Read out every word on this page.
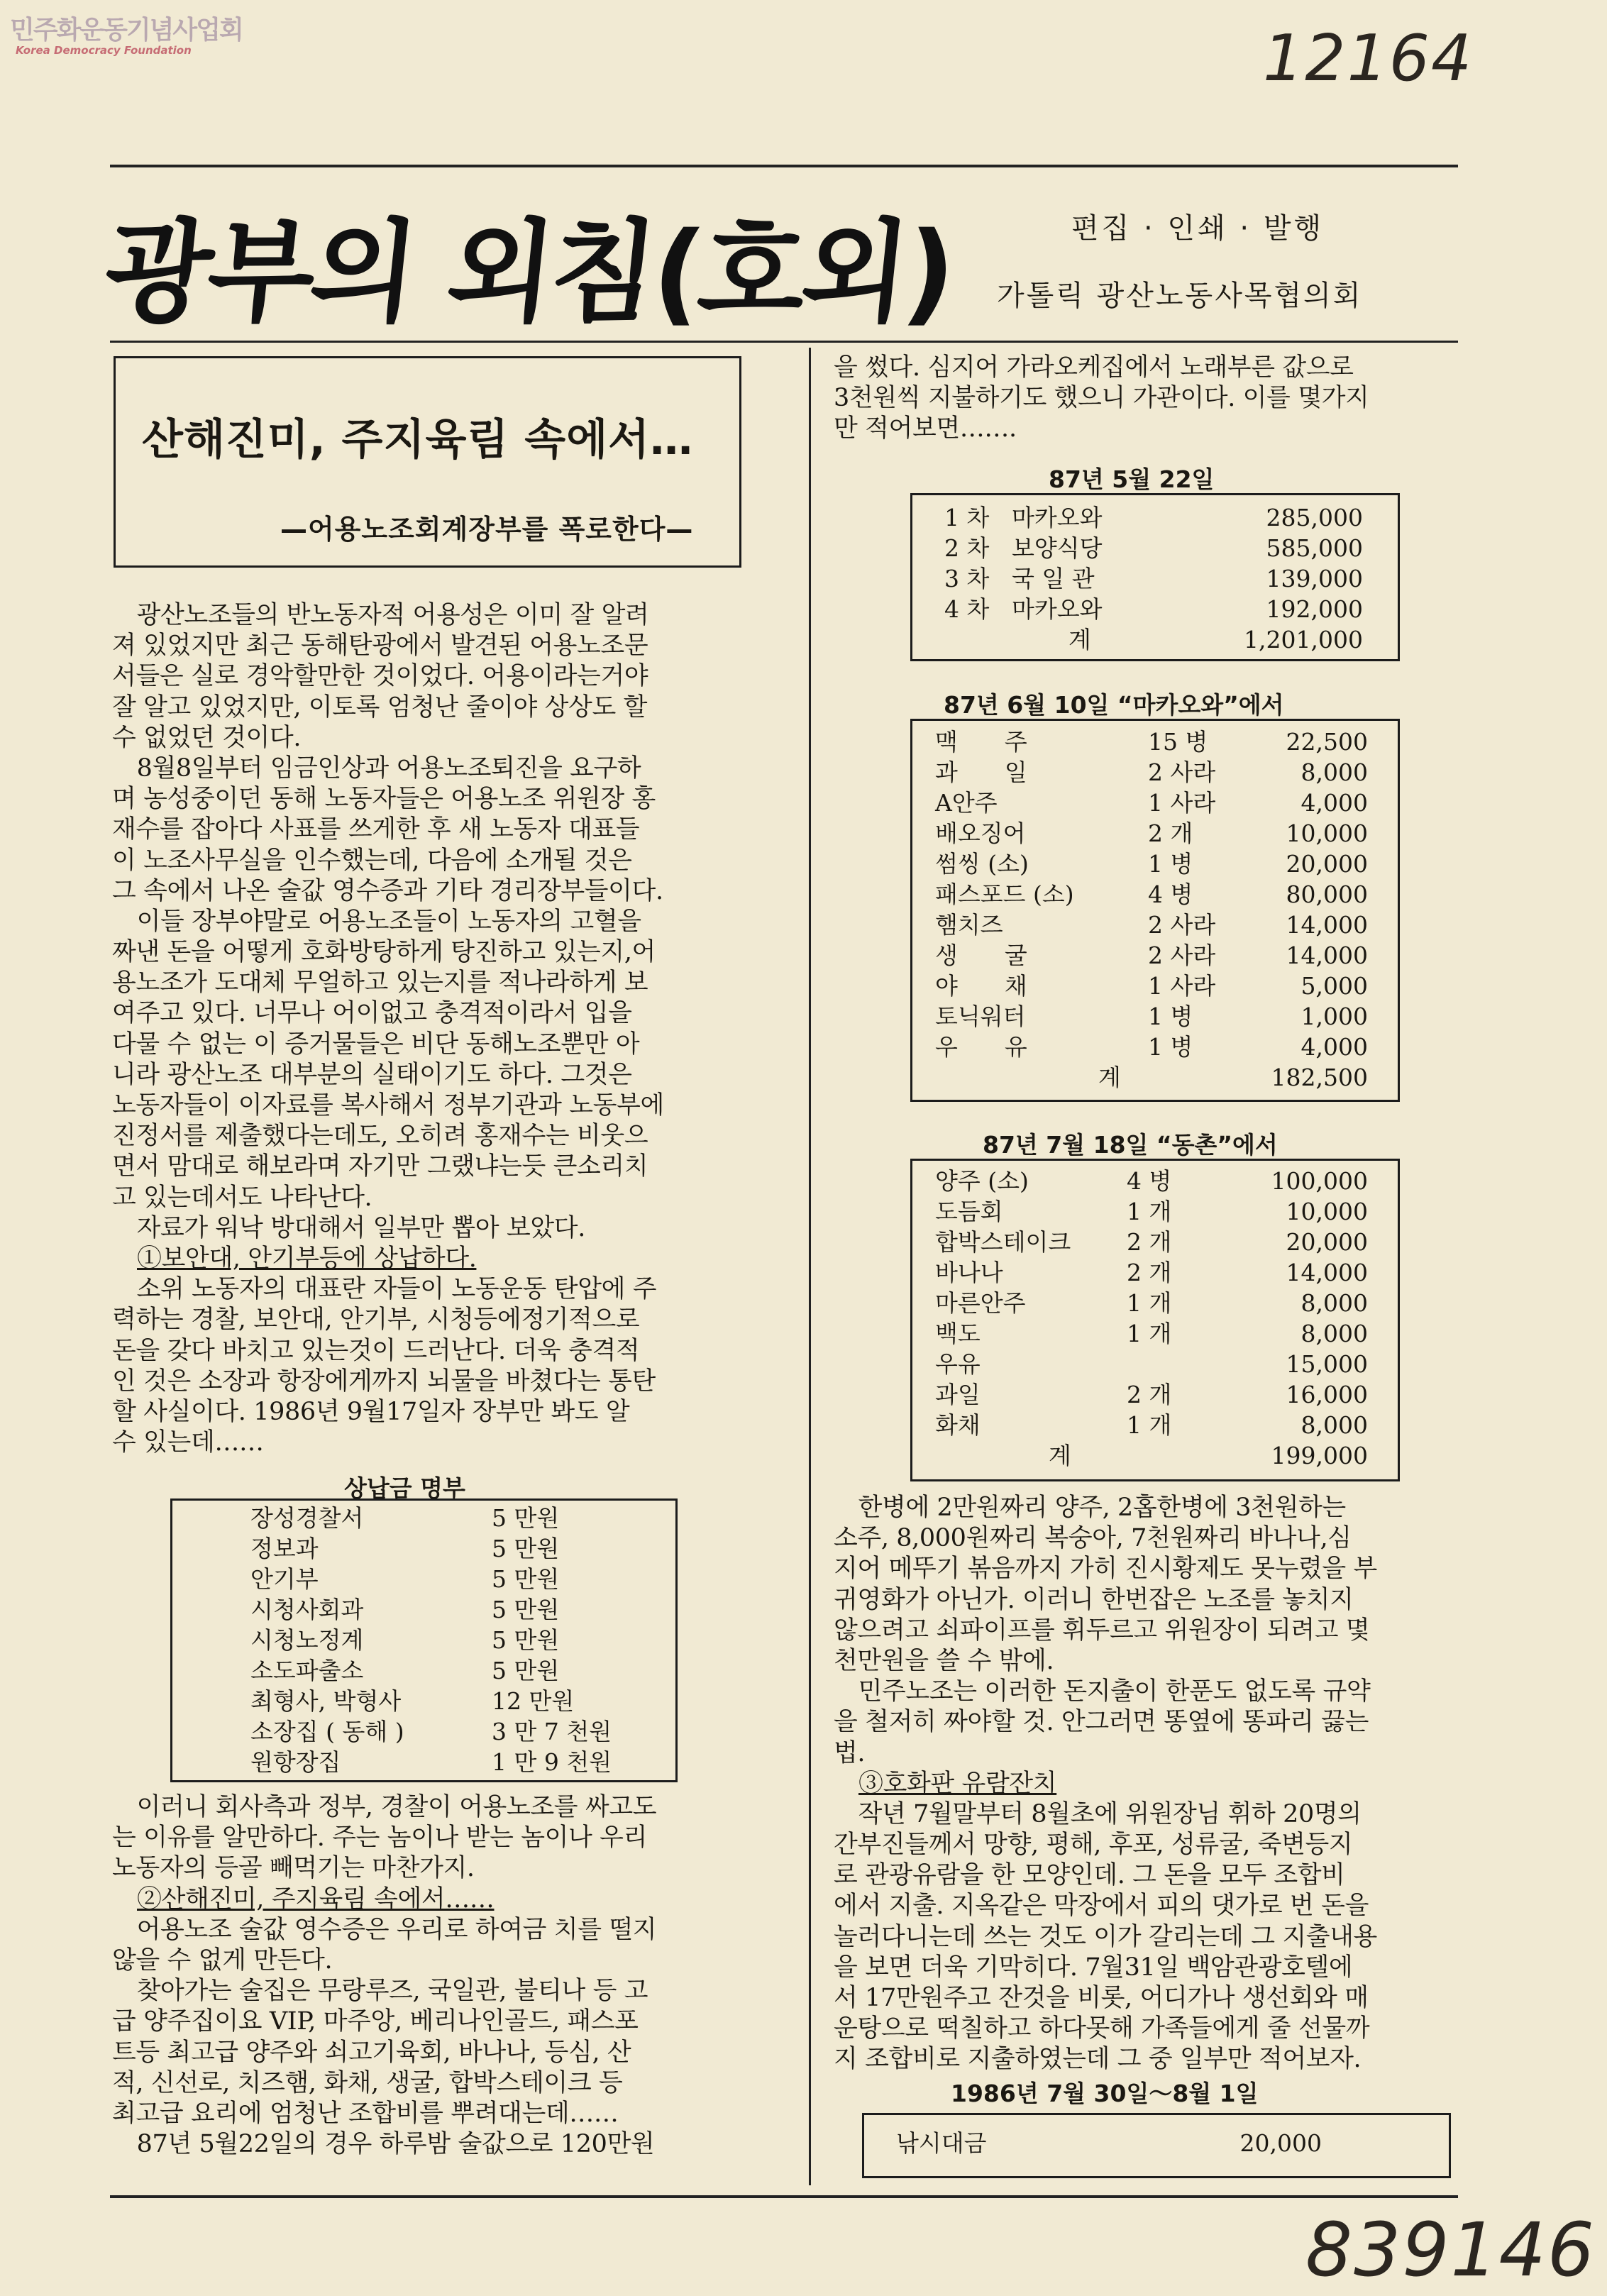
민주화운동기념사업회
Korea Democracy Foundation	12164
839146
광부의 외침(호외)	편집 · 인쇄 · 발행
가톨릭 광산노동사목협의회
산해진미, 주지육림 속에서…
—어용노조회계장부를 폭로한다—
　광산노조들의 반노동자적 어용성은 이미 잘 알려
져 있었지만 최근 동해탄광에서 발견된 어용노조문
서들은 실로 경악할만한 것이었다. 어용이라는거야
잘 알고 있었지만, 이토록 엄청난 줄이야 상상도 할
수 없었던 것이다.
　8월8일부터 임금인상과 어용노조퇴진을 요구하
며 농성중이던 동해 노동자들은 어용노조 위원장 홍
재수를 잡아다 사표를 쓰게한 후 새 노동자 대표들
이 노조사무실을 인수했는데, 다음에 소개될 것은
그 속에서 나온 술값 영수증과 기타 경리장부들이다.
　이들 장부야말로 어용노조들이 노동자의 고혈을
짜낸 돈을 어떻게 호화방탕하게 탕진하고 있는지,어
용노조가 도대체 무얼하고 있는지를 적나라하게 보
여주고 있다. 너무나 어이없고 충격적이라서 입을
다물 수 없는 이 증거물들은 비단 동해노조뿐만 아
니라 광산노조 대부분의 실태이기도 하다. 그것은
노동자들이 이자료를 복사해서 정부기관과 노동부에
진정서를 제출했다는데도, 오히려 홍재수는 비웃으
면서 맘대로 해보라며 자기만 그랬냐는듯 큰소리치
고 있는데서도 나타난다.
　자료가 워낙 방대해서 일부만 뽑아 보았다.
①보안대, 안기부등에 상납하다.
　소위 노동자의 대표란 자들이 노동운동 탄압에 주
력하는 경찰, 보안대, 안기부, 시청등에정기적으로
돈을 갖다 바치고 있는것이 드러난다. 더욱 충격적
인 것은 소장과 항장에게까지 뇌물을 바쳤다는 통탄
할 사실이다. 1986년 9월17일자 장부만 봐도 알
수 있는데……
상납금 명부
장성경찰서	5 만원
정보과	5 만원
안기부	5 만원
시청사회과	5 만원
시청노정계	5 만원
소도파출소	5 만원
최형사, 박형사	12 만원
소장집 ( 동해 )	3 만 7 천원
원항장집	1 만 9 천원
　이러니 회사측과 정부, 경찰이 어용노조를 싸고도
는 이유를 알만하다. 주는 놈이나 받는 놈이나 우리
노동자의 등골 빼먹기는 마찬가지.
②산해진미, 주지육림 속에서……
　어용노조 술값 영수증은 우리로 하여금 치를 떨지
않을 수 없게 만든다.
　찾아가는 술집은 무랑루즈, 국일관, 불티나 등 고
급 양주집이요 VIP, 마주앙, 베리나인골드, 패스포
트등 최고급 양주와 쇠고기육회, 바나나, 등심, 산
적, 신선로, 치즈햄, 화채, 생굴, 합박스테이크 등
최고급 요리에 엄청난 조합비를 뿌려대는데……
　87년 5월22일의 경우 하루밤 술값으로 120만원
을 썼다. 심지어 가라오케집에서 노래부른 값으로
3천원씩 지불하기도 했으니 가관이다. 이를 몇가지
만 적어보면…….
87년 5월 22일
1 차 마카오와	285,000
2 차 보양식당	585,000
3 차 국 일 관	139,000
4 차 마카오와	192,000
계	1,201,000
87년 6월 10일 “마카오와”에서
맥　　주	15 병	22,500
과　　일	2 사라	8,000
A안주	1 사라	4,000
배오징어	2 개	10,000
썸씽 (소)	1 병	20,000
패스포드 (소)	4 병	80,000
햄치즈	2 사라	14,000
생　　굴	2 사라	14,000
야　　채	1 사라	5,000
토닉워터	1 병	1,000
우　　유	1 병	4,000
계	182,500
87년 7월 18일 “동촌”에서
양주 (소)	4 병	100,000
도듬회	1 개	10,000
합박스테이크 2 개	20,000
바나나	2 개	14,000
마른안주	1 개	8,000
백도	1 개	8,000
우유	15,000
과일	2 개	16,000
화채	1 개	8,000
계	199,000
　한병에 2만원짜리 양주, 2홉한병에 3천원하는
소주, 8,000원짜리 복숭아, 7천원짜리 바나나,심
지어 메뚜기 볶음까지 가히 진시황제도 못누렸을 부
귀영화가 아닌가. 이러니 한번잡은 노조를 놓치지
않으려고 쇠파이프를 휘두르고 위원장이 되려고 몇
천만원을 쓸 수 밖에.
　민주노조는 이러한 돈지출이 한푼도 없도록 규약
을 철저히 짜야할 것. 안그러면 똥옆에 똥파리 끓는
법.
③호화판 유람잔치
　작년 7월말부터 8월초에 위원장님 휘하 20명의
간부진들께서 망향, 평해, 후포, 성류굴, 죽변등지
로 관광유람을 한 모양인데. 그 돈을 모두 조합비
에서 지출. 지옥같은 막장에서 피의 댓가로 번 돈을
놀러다니는데 쓰는 것도 이가 갈리는데 그 지출내용
을 보면 더욱 기막히다. 7월31일 백암관광호텔에
서 17만원주고 잔것을 비롯, 어디가나 생선회와 매
운탕으로 떡칠하고 하다못해 가족들에게 줄 선물까
지 조합비로 지출하였는데 그 중 일부만 적어보자.
1986년 7월 30일～8월 1일
낚시대금	20,000
